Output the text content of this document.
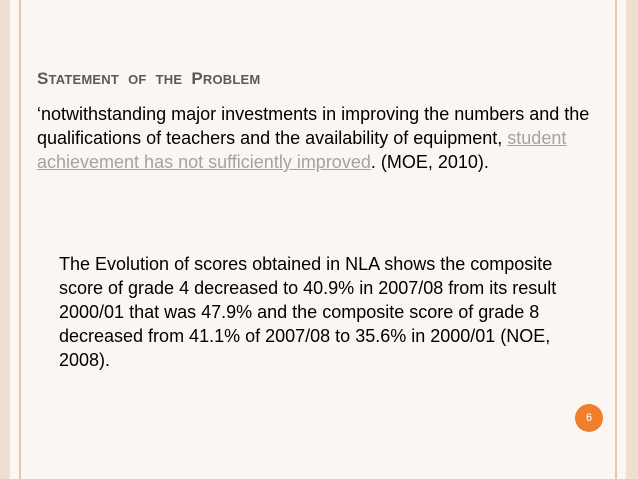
STATEMENT OF THE PROBLEM

‘notwithstanding major investments in improving the numbers and the qualifications of teachers and the availability of equipment, student achievement has not sufficiently improved. (MOE, 2010).

The Evolution of scores obtained in NLA shows the composite score of grade 4 decreased to 40.9% in 2007/08 from its result 2000/01 that was 47.9% and the composite score of grade 8 decreased from 41.1% of 2007/08 to 35.6% in 2000/01 (NOE, 2008).

6
